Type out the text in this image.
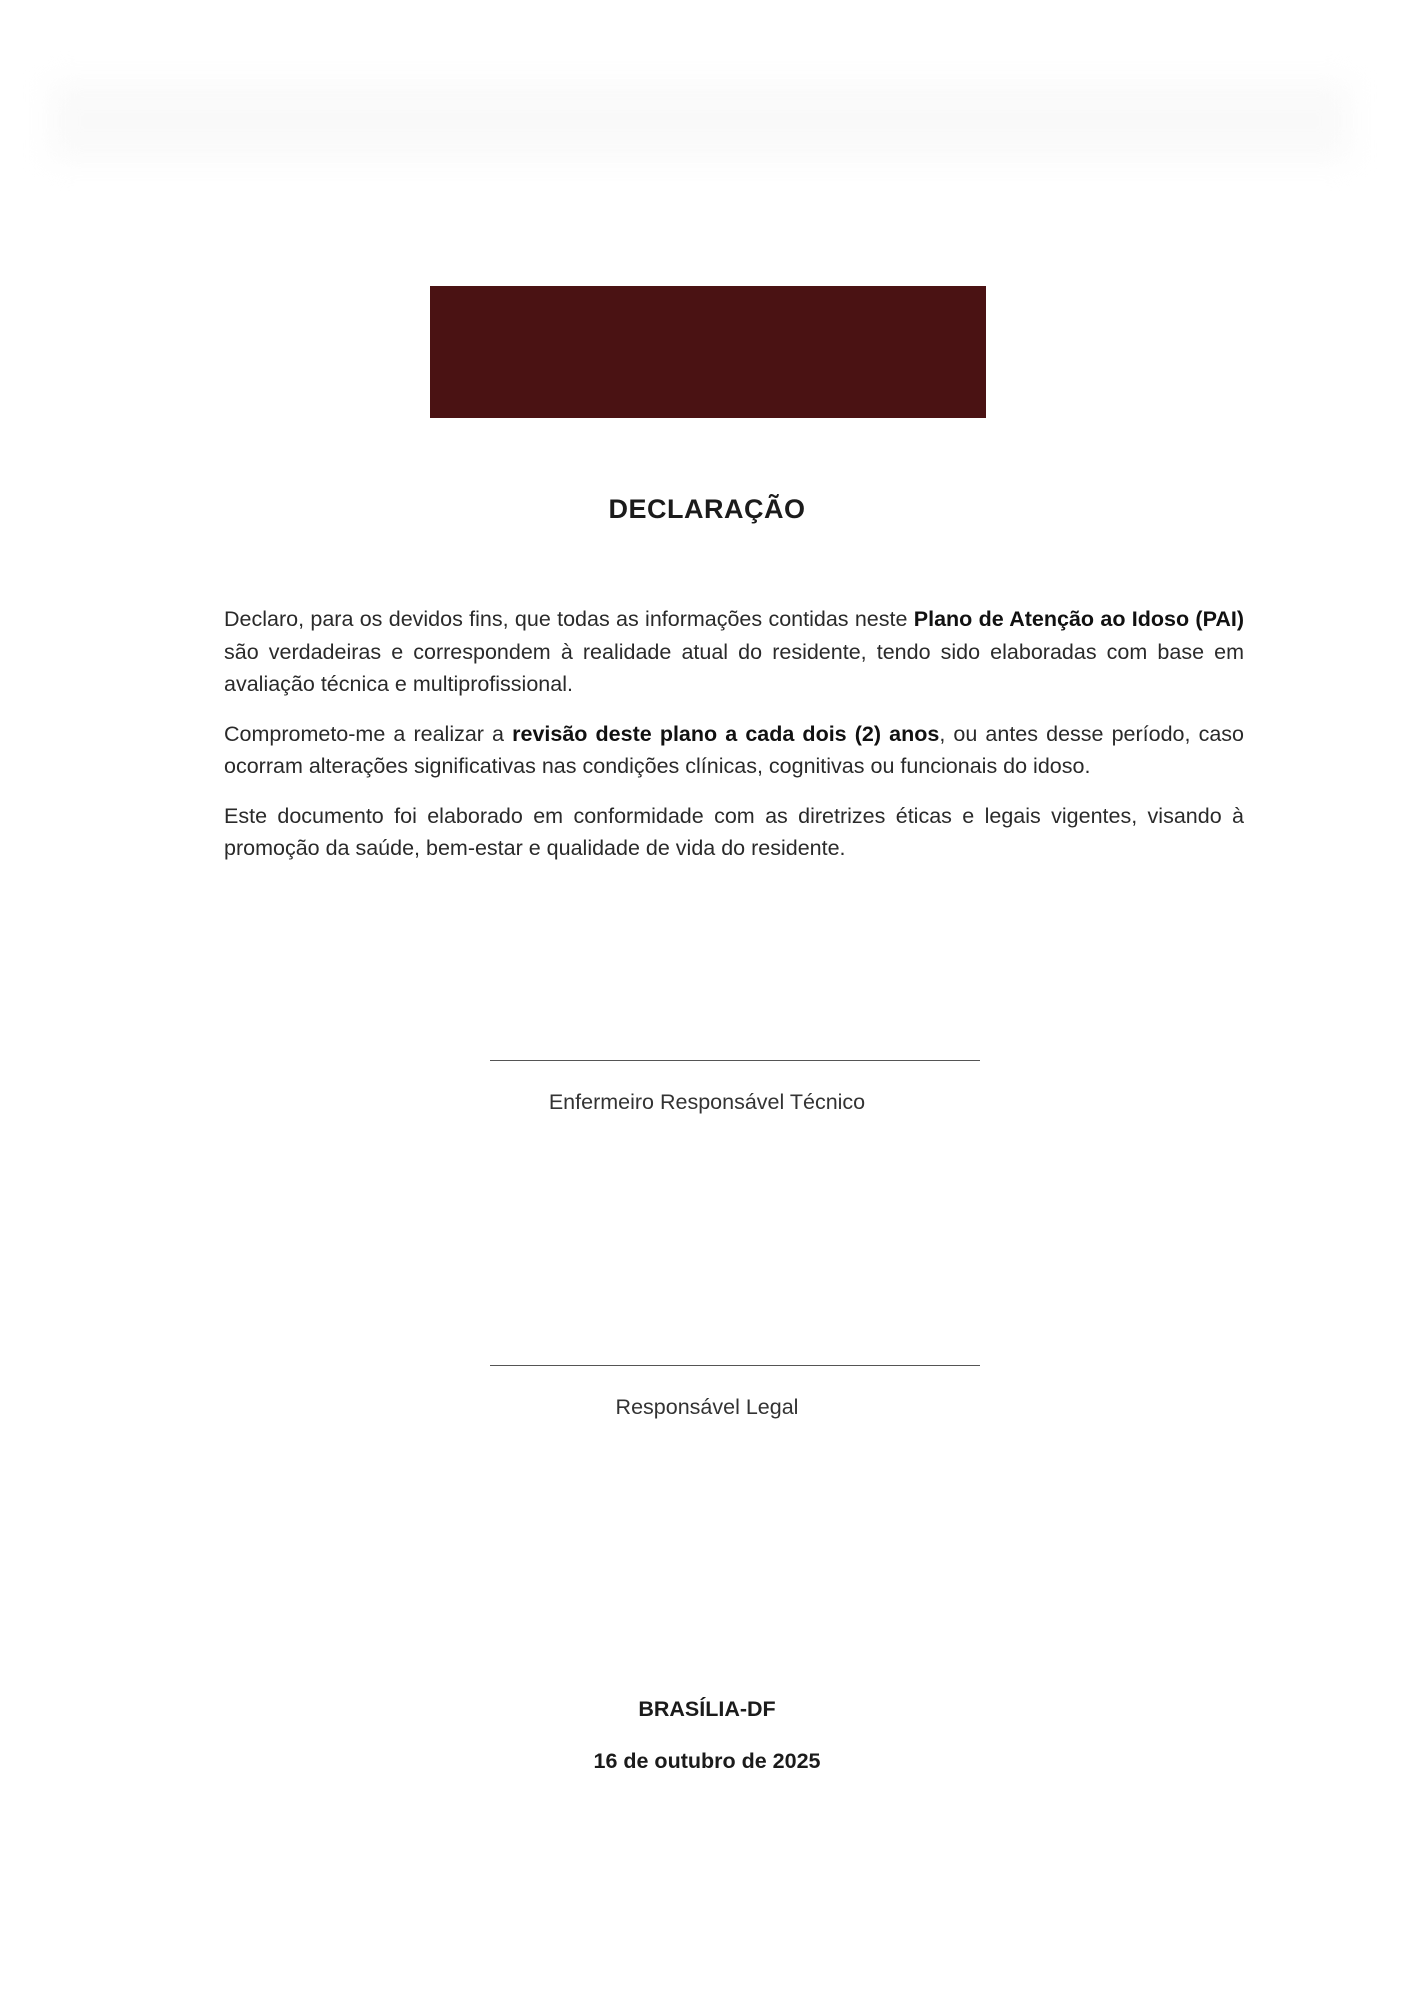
DECLARAÇÃO

Declaro, para os devidos fins, que todas as informações contidas neste Plano de Atenção ao Idoso (PAI) são verdadeiras e correspondem à realidade atual do residente, tendo sido elaboradas com base em avaliação técnica e multiprofissional.

Comprometo-me a realizar a revisão deste plano a cada dois (2) anos, ou antes desse período, caso ocorram alterações significativas nas condições clínicas, cognitivas ou funcionais do idoso.

Este documento foi elaborado em conformidade com as diretrizes éticas e legais vigentes, visando à promoção da saúde, bem-estar e qualidade de vida do residente.

Enfermeiro Responsável Técnico
Responsável Legal
BRASÍLIA-DF
16 de outubro de 2025
